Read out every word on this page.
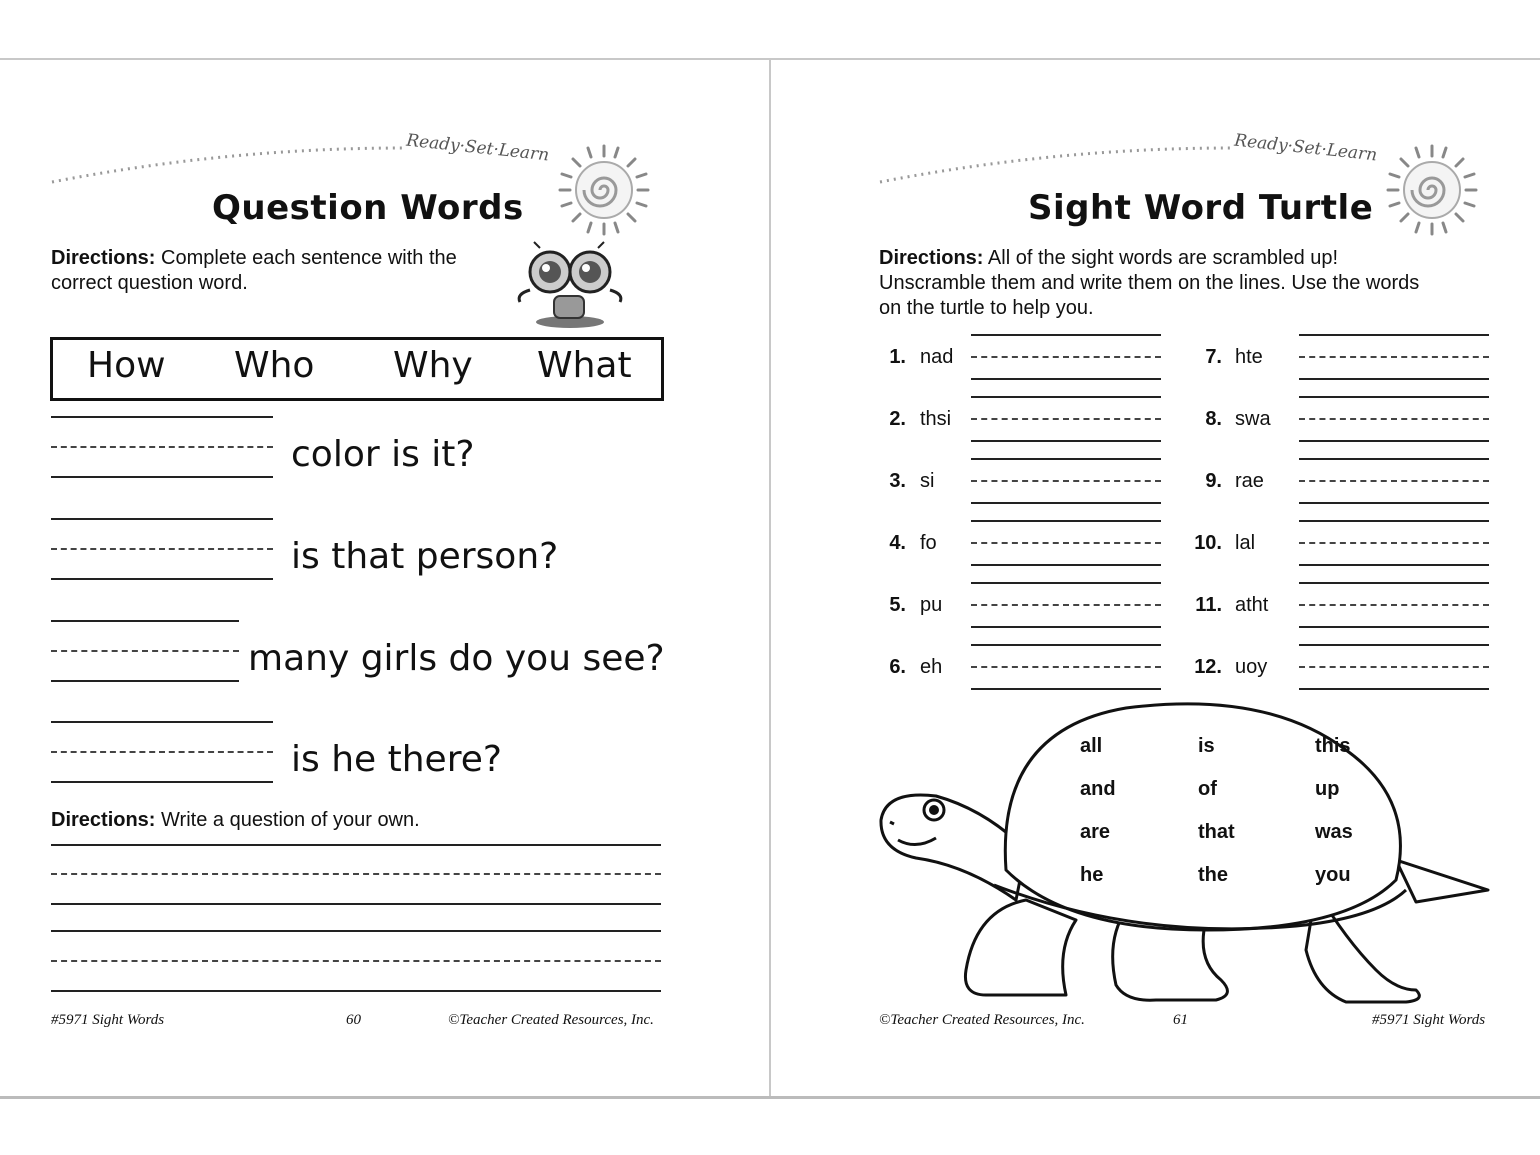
Ready·Set·Learn
Question Words
Directions: Complete each sentence with the correct question word.
How Who Why What
color is it?
is that person?
many girls do you see?
is he there?
Directions: Write a question of your own.
#5971 Sight Words	60	©Teacher Created Resources, Inc.
Ready·Set·Learn
Sight Word Turtle
Directions: All of the sight words are scrambled up! Unscramble them and write them on the lines. Use the words on the turtle to help you.
1. nad
2. thsi
3. si
4. fo
5. pu
6. eh
7. hte
8. swa
9. rae
10. lal
11. atht
12. uoy
all	is	this
and	of	up
are	that	was
he	the	you
©Teacher Created Resources, Inc.	61	#5971 Sight Words
